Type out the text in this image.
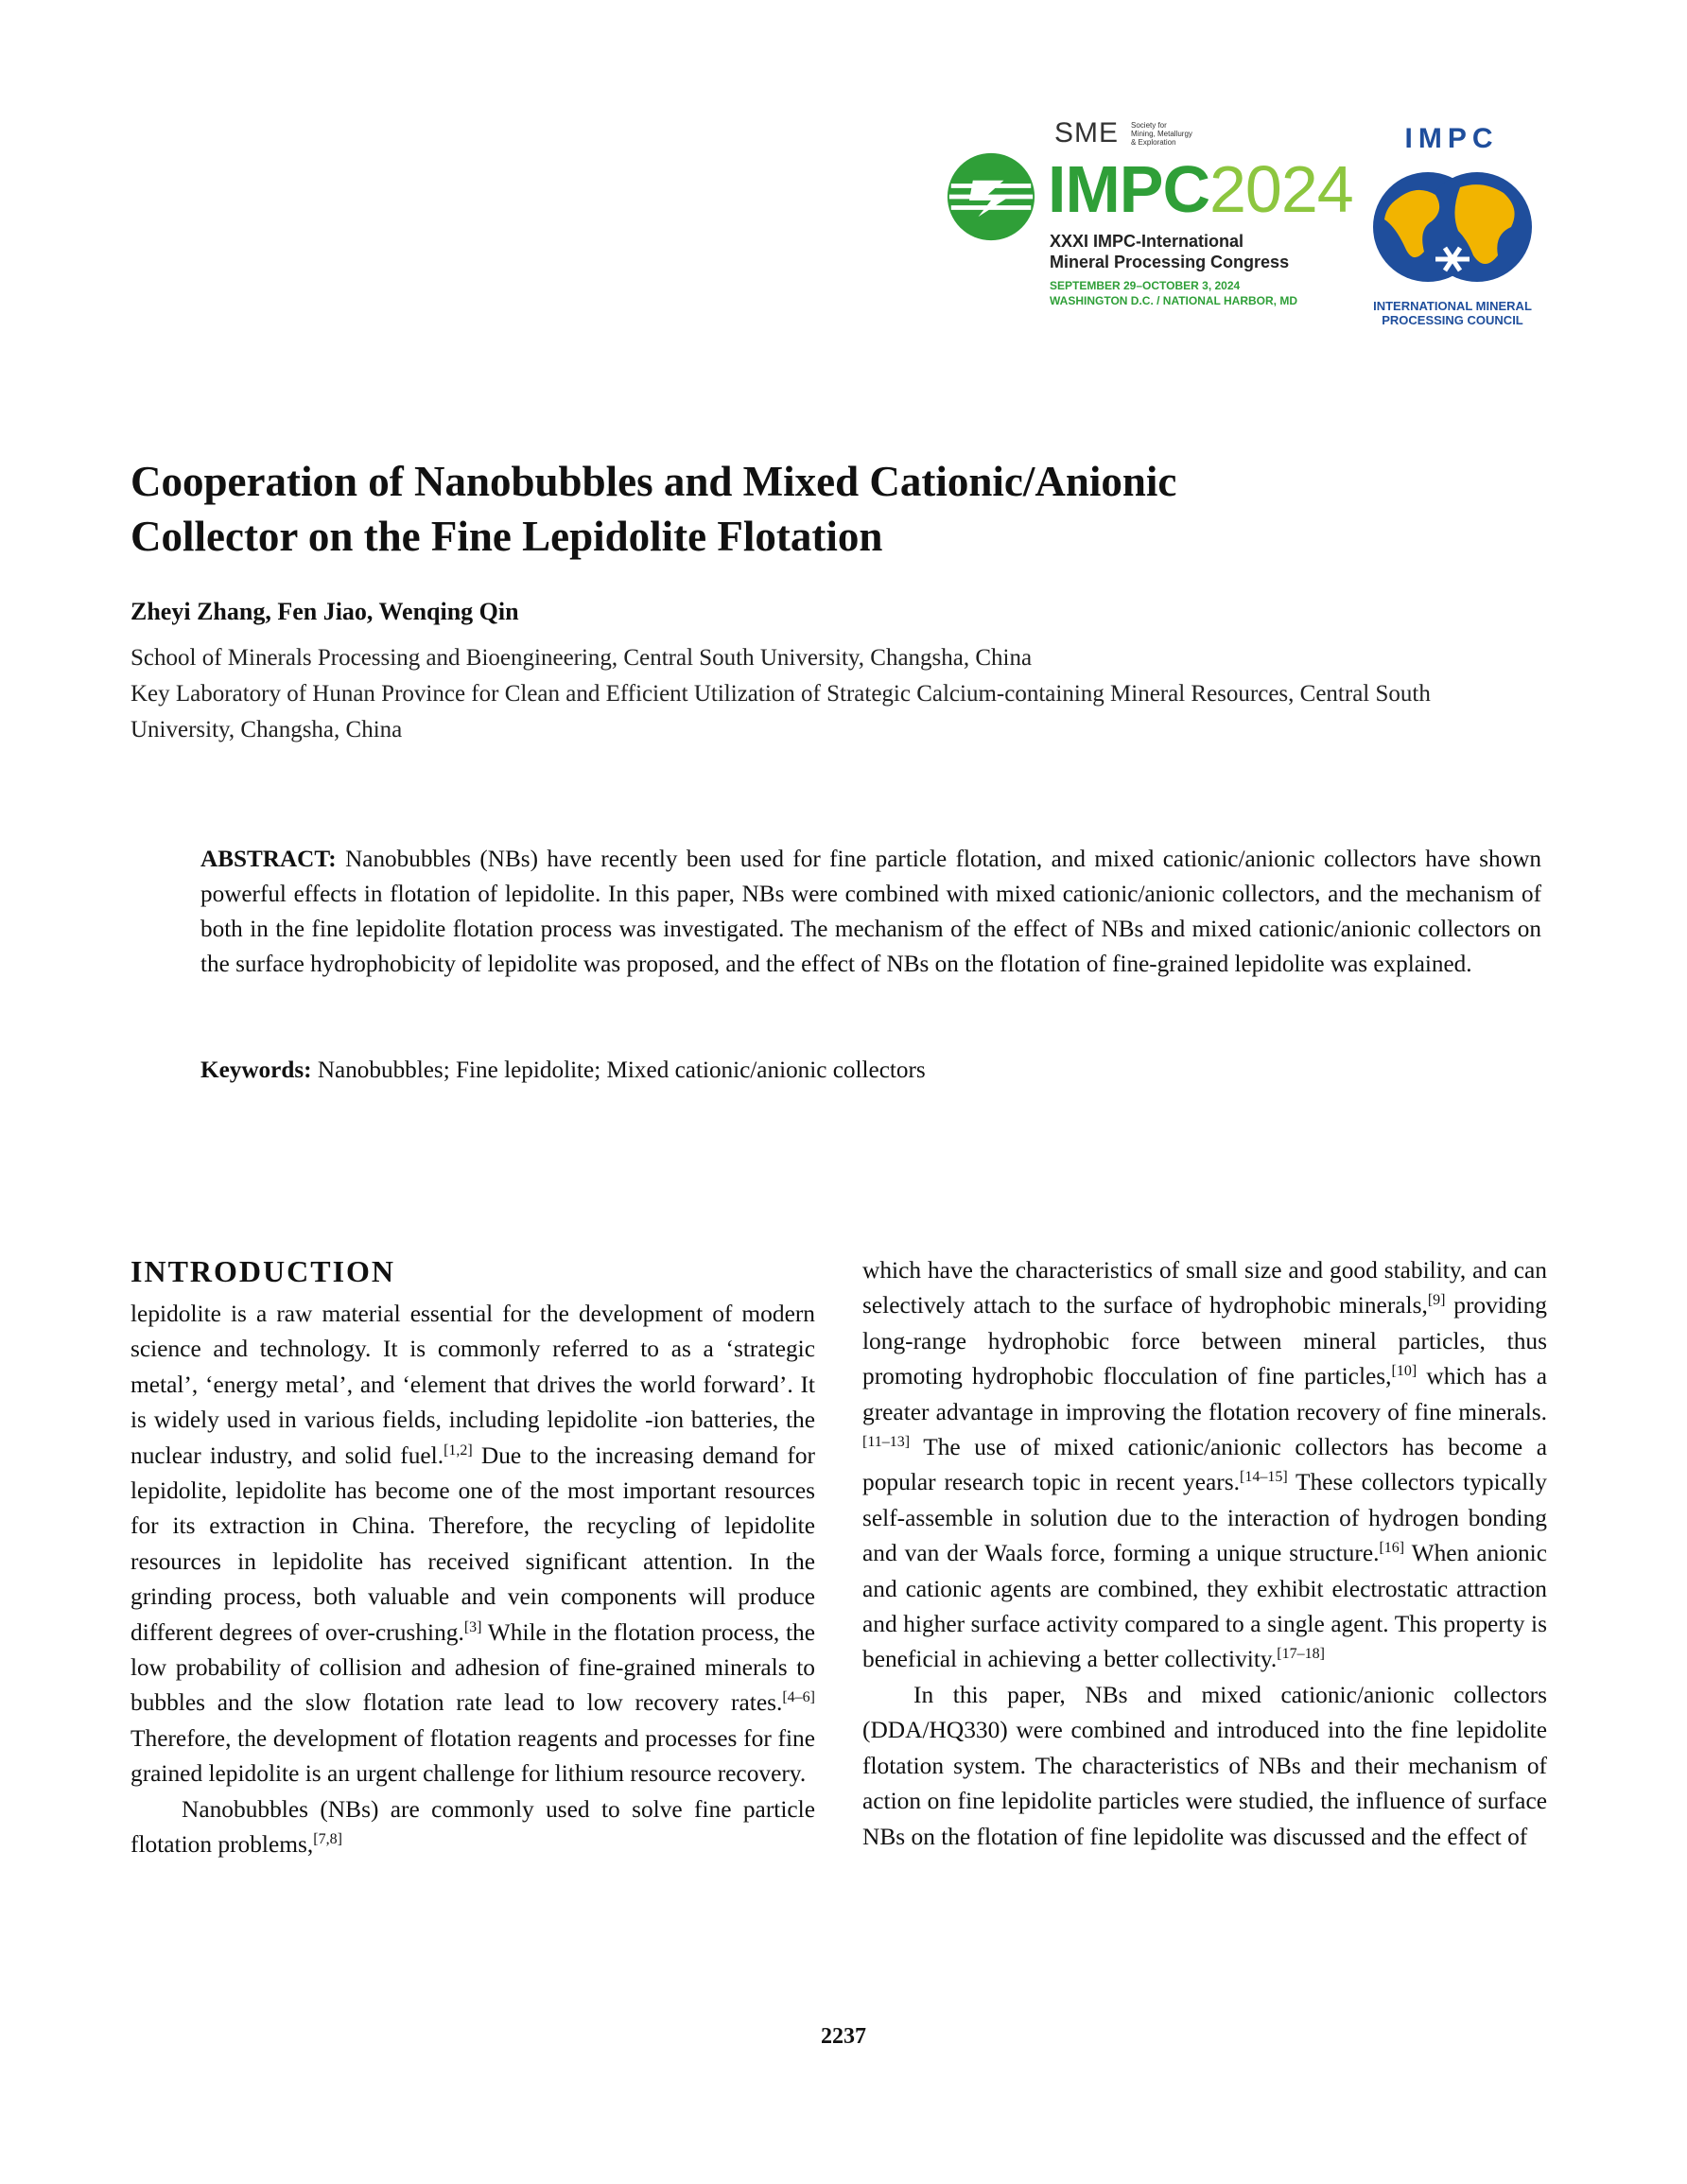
SME Society for
Mining, Metallurgy
& Exploration
IMPC2024
XXXI IMPC-International
Mineral Processing Congress
SEPTEMBER 29–OCTOBER 3, 2024
WASHINGTON D.C. / NATIONAL HARBOR, MD
IMPC
INTERNATIONAL MINERAL
PROCESSING COUNCIL
Cooperation of Nanobubbles and Mixed Cationic/Anionic
Collector on the Fine Lepidolite Flotation
Zheyi Zhang, Fen Jiao, Wenqing Qin
School of Minerals Processing and Bioengineering, Central South University, Changsha, China
Key Laboratory of Hunan Province for Clean and Efficient Utilization of Strategic Calcium-containing Mineral Resources, Central South University, Changsha, China

ABSTRACT: Nanobubbles (NBs) have recently been used for fine particle flotation, and mixed cationic/anionic collectors have shown powerful effects in flotation of lepidolite. In this paper, NBs were combined with mixed cationic/anionic collectors, and the mechanism of both in the fine lepidolite flotation process was investigated. The mechanism of the effect of NBs and mixed cationic/anionic collectors on the surface hydrophobicity of lepidolite was proposed, and the effect of NBs on the flotation of fine-grained lepidolite was explained.

Keywords: Nanobubbles; Fine lepidolite; Mixed cationic/anionic collectors

INTRODUCTION

lepidolite is a raw material essential for the development of modern science and technology. It is commonly referred to as a ‘strategic metal’, ‘energy metal’, and ‘element that drives the world forward’. It is widely used in various fields, including lepidolite -ion batteries, the nuclear industry, and solid fuel.[1,2] Due to the increasing demand for lepidolite, lepidolite has become one of the most important resources for its extraction in China. Therefore, the recycling of lepidolite resources in lepidolite has received significant attention. In the grinding process, both valuable and vein components will produce different degrees of over-crushing.[3] While in the flotation process, the low probability of collision and adhesion of fine-grained minerals to bubbles and the slow flotation rate lead to low recovery rates.[4–6] Therefore, the development of flotation reagents and processes for fine grained lepidolite is an urgent challenge for lithium resource recovery.

Nanobubbles (NBs) are commonly used to solve fine particle flotation problems,[7,8]

which have the characteristics of small size and good stability, and can selectively attach to the surface of hydrophobic minerals,[9] providing long-range hydrophobic force between mineral particles, thus promoting hydrophobic flocculation of fine particles,[10] which has a greater advantage in improving the flotation recovery of fine minerals.[11–13] The use of mixed cationic/anionic collectors has become a popular research topic in recent years.[14–15] These collectors typically self-assemble in solution due to the interaction of hydrogen bonding and van der Waals force, forming a unique structure.[16] When anionic and cationic agents are combined, they exhibit electrostatic attraction and higher surface activity compared to a single agent. This property is beneficial in achieving a better collectivity.[17–18]

In this paper, NBs and mixed cationic/anionic collectors (DDA/HQ330) were combined and introduced into the fine lepidolite flotation system. The characteristics of NBs and their mechanism of action on fine lepidolite particles were studied, the influence of surface NBs on the flotation of fine lepidolite was discussed and the effect of

2237
